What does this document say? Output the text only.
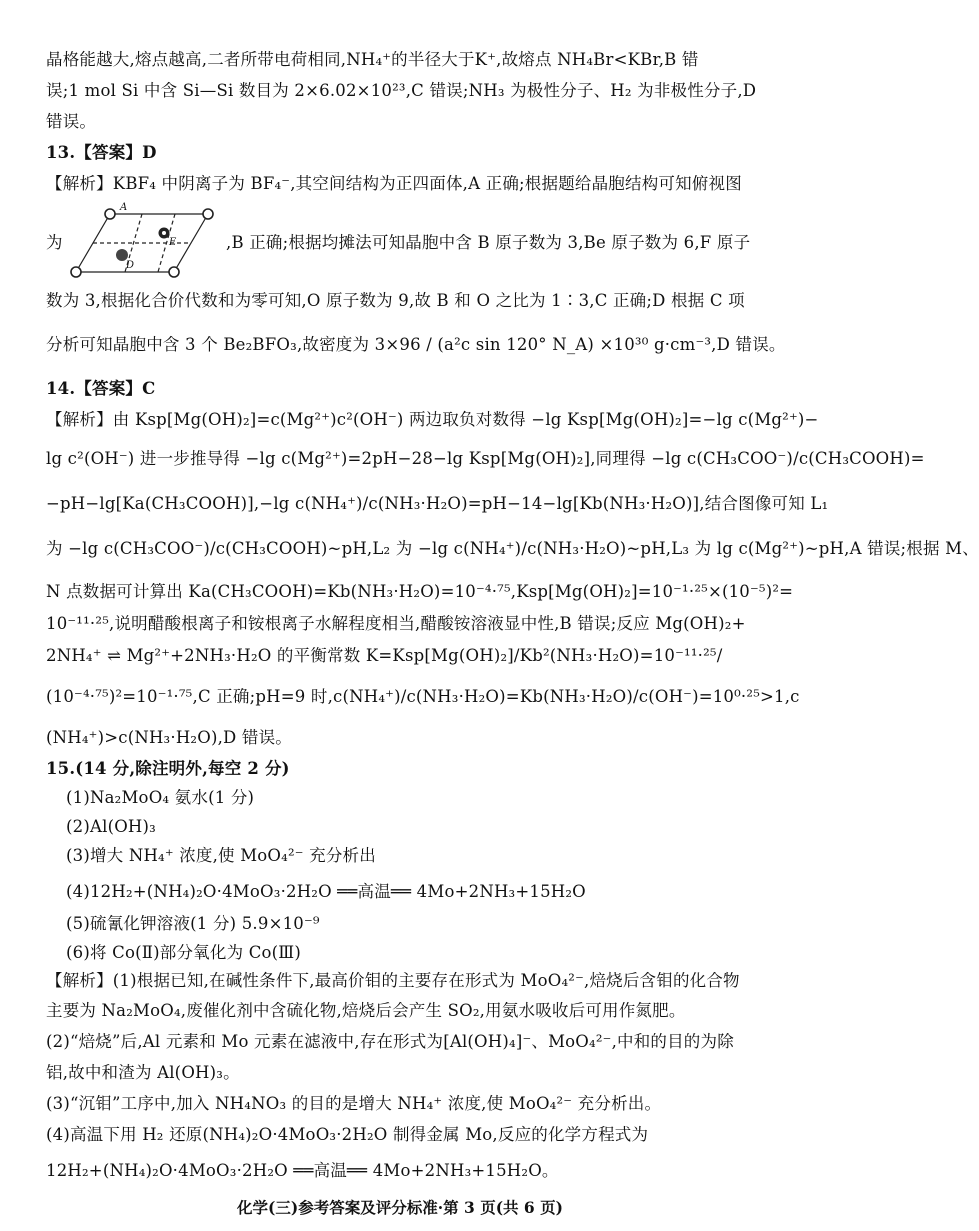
晶格能越大,熔点越高,二者所带电荷相同,NH₄⁺的半径大于K⁺,故熔点 NH₄Br<KBr,B 错
误;1 mol Si 中含 Si—Si 数目为 2×6.02×10²³,C 错误;NH₃ 为极性分子、H₂ 为非极性分子,D
错误。
13.【答案】D
【解析】KBF₄ 中阴离子为 BF₄⁻,其空间结构为正四面体,A 正确;根据题给晶胞结构可知俯视图
为
A
D
E	,B 正确;根据均摊法可知晶胞中含 B 原子数为 3,Be 原子数为 6,F 原子
数为 3,根据化合价代数和为零可知,O 原子数为 9,故 B 和 O 之比为 1∶3,C 正确;D 根据 C 项
分析可知晶胞中含 3 个 Be₂BFO₃,故密度为 3×96 / (a²c sin 120° N_A) ×10³⁰ g·cm⁻³,D 错误。
14.【答案】C
【解析】由 Ksp[Mg(OH)₂]=c(Mg²⁺)c²(OH⁻) 两边取负对数得 −lg Ksp[Mg(OH)₂]=−lg c(Mg²⁺)−
lg c²(OH⁻) 进一步推导得 −lg c(Mg²⁺)=2pH−28−lg Ksp[Mg(OH)₂],同理得 −lg c(CH₃COO⁻)/c(CH₃COOH)=
−pH−lg[Ka(CH₃COOH)],−lg c(NH₄⁺)/c(NH₃·H₂O)=pH−14−lg[Kb(NH₃·H₂O)],结合图像可知 L₁
为 −lg c(CH₃COO⁻)/c(CH₃COOH)~pH,L₂ 为 −lg c(NH₄⁺)/c(NH₃·H₂O)~pH,L₃ 为 lg c(Mg²⁺)~pH,A 错误;根据 M、
N 点数据可计算出 Ka(CH₃COOH)=Kb(NH₃·H₂O)=10⁻⁴·⁷⁵,Ksp[Mg(OH)₂]=10⁻¹·²⁵×(10⁻⁵)²=
10⁻¹¹·²⁵,说明醋酸根离子和铵根离子水解程度相当,醋酸铵溶液显中性,B 错误;反应 Mg(OH)₂+
2NH₄⁺ ⇌ Mg²⁺+2NH₃·H₂O 的平衡常数 K=Ksp[Mg(OH)₂]/Kb²(NH₃·H₂O)=10⁻¹¹·²⁵/
(10⁻⁴·⁷⁵)²=10⁻¹·⁷⁵,C 正确;pH=9 时,c(NH₄⁺)/c(NH₃·H₂O)=Kb(NH₃·H₂O)/c(OH⁻)=10⁰·²⁵>1,c
(NH₄⁺)>c(NH₃·H₂O),D 错误。
15.(14 分,除注明外,每空 2 分)
(1)Na₂MoO₄ 氨水(1 分)
(2)Al(OH)₃
(3)增大 NH₄⁺ 浓度,使 MoO₄²⁻ 充分析出
(4)12H₂+(NH₄)₂O·4MoO₃·2H₂O ══高温══ 4Mo+2NH₃+15H₂O
(5)硫氰化钾溶液(1 分) 5.9×10⁻⁹
(6)将 Co(Ⅱ)部分氧化为 Co(Ⅲ)
【解析】(1)根据已知,在碱性条件下,最高价钼的主要存在形式为 MoO₄²⁻,焙烧后含钼的化合物
主要为 Na₂MoO₄,废催化剂中含硫化物,焙烧后会产生 SO₂,用氨水吸收后可用作氮肥。
(2)“焙烧”后,Al 元素和 Mo 元素在滤液中,存在形式为[Al(OH)₄]⁻、MoO₄²⁻,中和的目的为除
铝,故中和渣为 Al(OH)₃。
(3)“沉钼”工序中,加入 NH₄NO₃ 的目的是增大 NH₄⁺ 浓度,使 MoO₄²⁻ 充分析出。
(4)高温下用 H₂ 还原(NH₄)₂O·4MoO₃·2H₂O 制得金属 Mo,反应的化学方程式为
12H₂+(NH₄)₂O·4MoO₃·2H₂O ══高温══ 4Mo+2NH₃+15H₂O。
化学(三)参考答案及评分标准·第 3 页(共 6 页)
